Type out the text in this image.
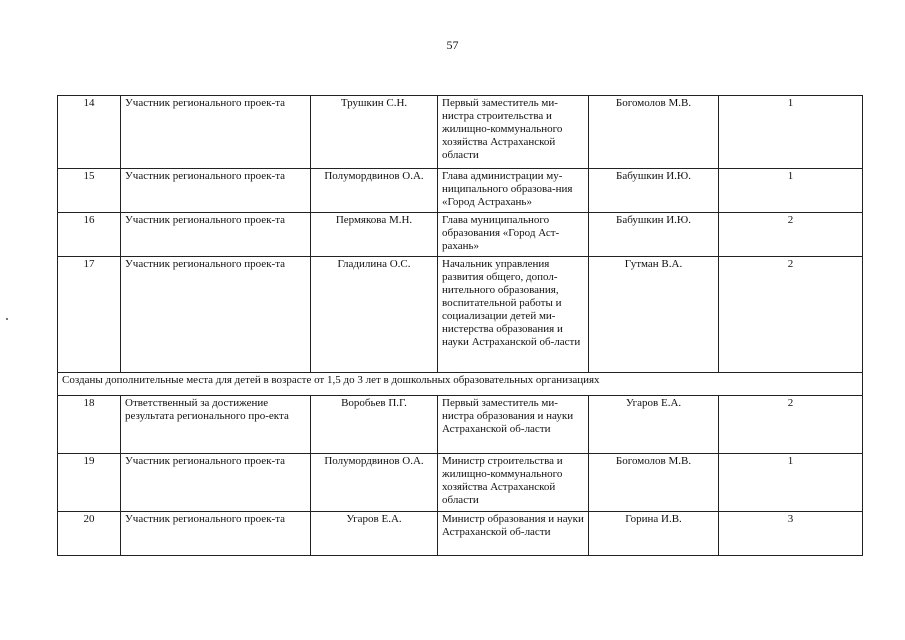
57
14	Участник регионального проек-та	Трушкин С.Н.	Первый заместитель ми-нистра строительства и жилищно-коммунального хозяйства Астраханской области	Богомолов М.В.	1
15	Участник регионального проек-та	Полумордвинов О.А.	Глава администрации му-ниципального образова-ния «Город Астрахань»	Бабушкин И.Ю.	1
16	Участник регионального проек-та	Пермякова М.Н.	Глава муниципального образования «Город Аст-рахань»	Бабушкин И.Ю.	2
17	Участник регионального проек-та	Гладилина О.С.	Начальник управления развития общего, допол-нительного образования, воспитательной работы и социализации детей ми-нистерства образования и науки Астраханской об-ласти	Гутман В.А.	2
Созданы дополнительные места для детей в возрасте от 1,5 до 3 лет в дошкольных образовательных организациях					
18	Ответственный за достижение результата регионального про-екта	Воробьев П.Г.	Первый заместитель ми-нистра образования и науки Астраханской об-ласти	Угаров Е.А.	2
19	Участник регионального проек-та	Полумордвинов О.А.	Министр строительства и жилищно-коммунального хозяйства Астраханской области	Богомолов М.В.	1
20	Участник регионального проек-та	Угаров Е.А.	Министр образования и науки Астраханской об-ласти	Горина И.В.	3
